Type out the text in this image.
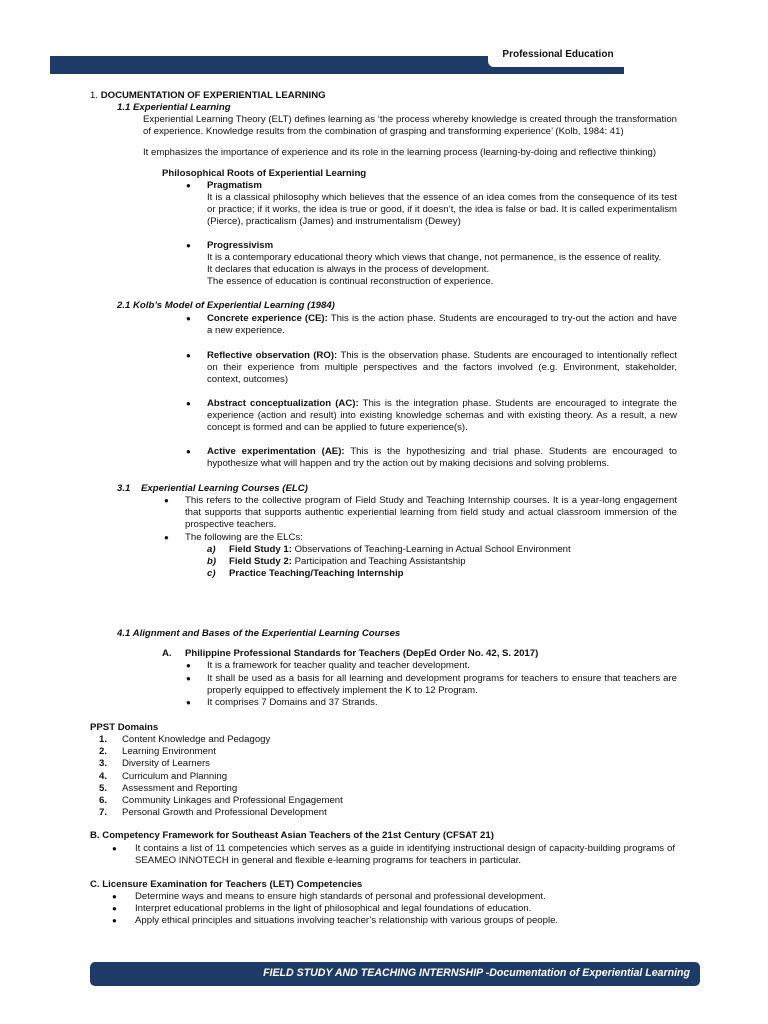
Professional Education
1. DOCUMENTATION OF EXPERIENTIAL LEARNING
1.1 Experiential Learning
Experiential Learning Theory (ELT) defines learning as ‘the process whereby knowledge is created through the transformation of experience. Knowledge results from the combination of grasping and transforming experience’ (Kolb, 1984: 41)
It emphasizes the importance of experience and its role in the learning process (learning-by-doing and reflective thinking)
Philosophical Roots of Experiential Learning
● Pragmatism
It is a classical philosophy which believes that the essence of an idea comes from the consequence of its test or practice; if it works, the idea is true or good, if it doesn’t, the idea is false or bad. It is called experimentalism (Pierce), practicalism (James) and instrumentalism (Dewey)
● Progressivism
It is a contemporary educational theory which views that change, not permanence, is the essence of reality.
It declares that education is always in the process of development.
The essence of education is continual reconstruction of experience.
2.1 Kolb’s Model of Experiential Learning (1984)
● Concrete experience (CE): This is the action phase. Students are encouraged to try-out the action and have a new experience.
● Reflective observation (RO): This is the observation phase. Students are encouraged to intentionally reflect on their experience from multiple perspectives and the factors involved (e.g. Environment, stakeholder, context, outcomes)
● Abstract conceptualization (AC): This is the integration phase. Students are encouraged to integrate the experience (action and result) into existing knowledge schemas and with existing theory. As a result, a new concept is formed and can be applied to future experience(s).
● Active experimentation (AE): This is the hypothesizing and trial phase. Students are encouraged to hypothesize what will happen and try the action out by making decisions and solving problems.
3.1 Experiential Learning Courses (ELC)
● This refers to the collective program of Field Study and Teaching Internship courses. It is a year-long engagement that supports that supports authentic experiential learning from field study and actual classroom immersion of the prospective teachers.
● The following are the ELCs:
a) Field Study 1: Observations of Teaching-Learning in Actual School Environment
b) Field Study 2: Participation and Teaching Assistantship
c) Practice Teaching/Teaching Internship
4.1 Alignment and Bases of the Experiential Learning Courses
A. Philippine Professional Standards for Teachers (DepEd Order No. 42, S. 2017)
● It is a framework for teacher quality and teacher development.
● It shall be used as a basis for all learning and development programs for teachers to ensure that teachers are properly equipped to effectively implement the K to 12 Program.
● It comprises 7 Domains and 37 Strands.
PPST Domains
1. Content Knowledge and Pedagogy
2. Learning Environment
3. Diversity of Learners
4. Curriculum and Planning
5. Assessment and Reporting
6. Community Linkages and Professional Engagement
7. Personal Growth and Professional Development
B. Competency Framework for Southeast Asian Teachers of the 21st Century (CFSAT 21)
● It contains a list of 11 competencies which serves as a guide in identifying instructional design of capacity-building programs of SEAMEO INNOTECH in general and flexible e-learning programs for teachers in particular.
C. Licensure Examination for Teachers (LET) Competencies
● Determine ways and means to ensure high standards of personal and professional development.
● Interpret educational problems in the light of philosophical and legal foundations of education.
● Apply ethical principles and situations involving teacher’s relationship with various groups of people.
FIELD STUDY AND TEACHING INTERNSHIP -Documentation of Experiential Learning
